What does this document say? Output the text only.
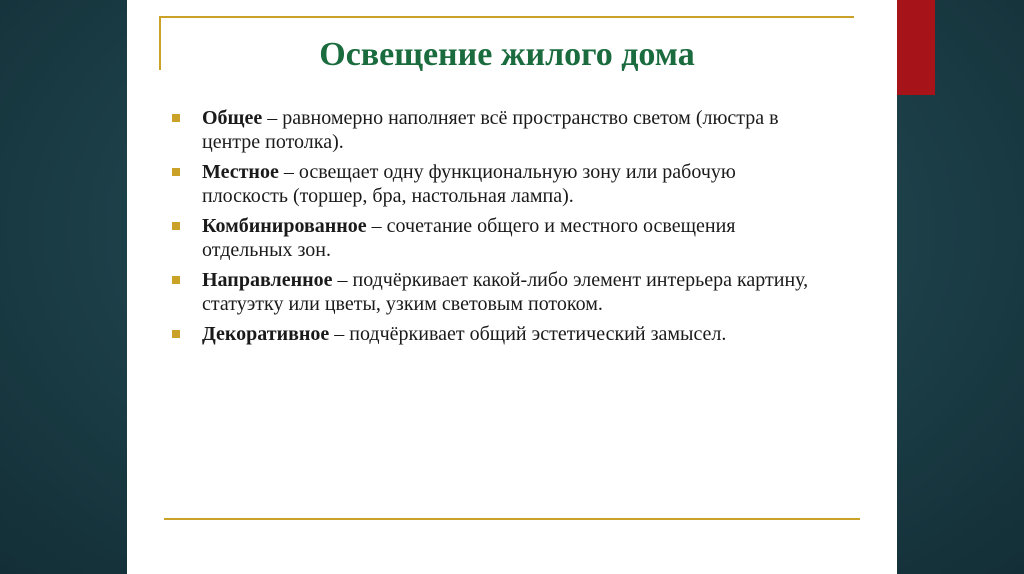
Освещение жилого дома
Общее – равномерно наполняет всё пространство светом (люстра в центре потолка).
Местное – освещает одну функциональную зону или рабочую плоскость (торшер, бра, настольная лампа).
Комбинированное – сочетание общего и местного освещения отдельных зон.
Направленное – подчёркивает какой-либо элемент интерьера картину, статуэтку или цветы, узким световым потоком.
Декоративное – подчёркивает общий эстетический замысел.
